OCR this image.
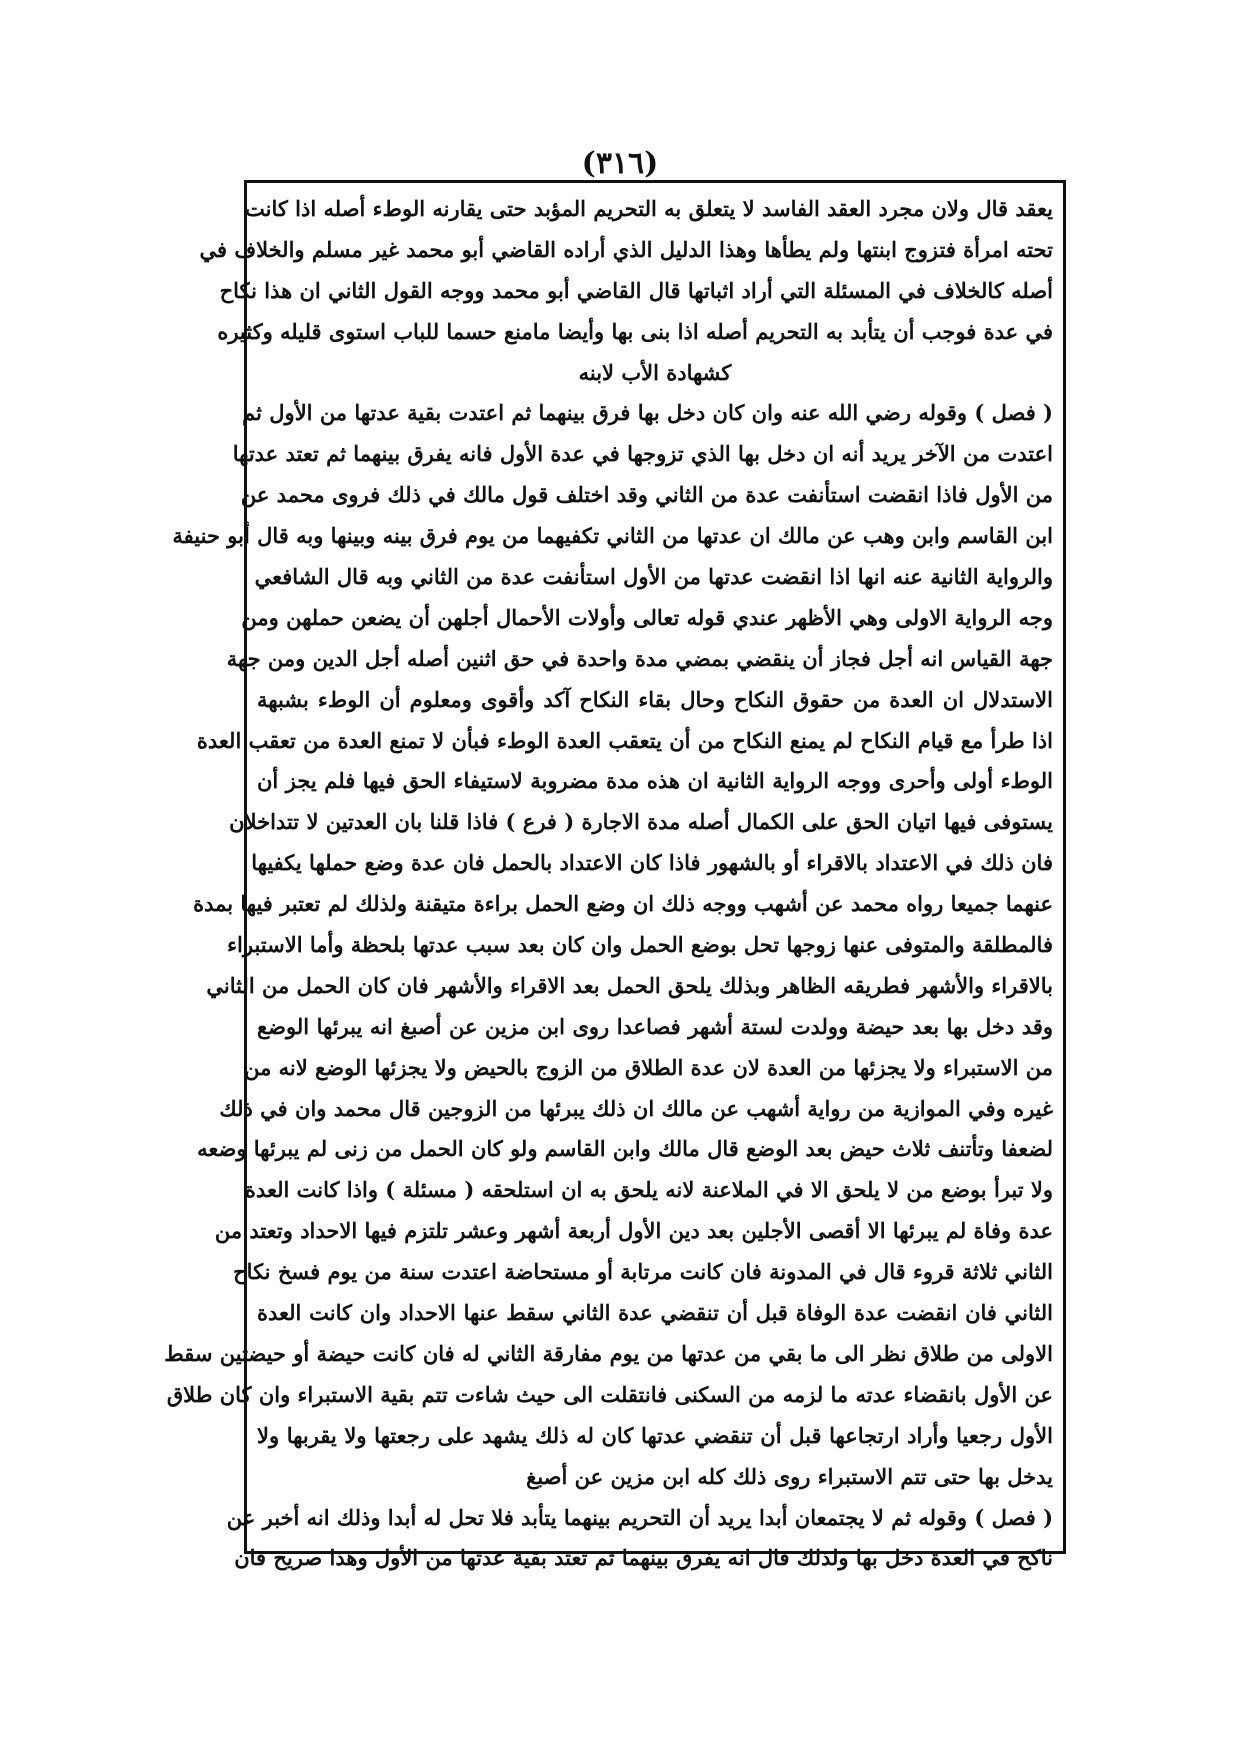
(٣١٦)
يعقد قال ولان مجرد العقد الفاسد لا يتعلق به التحريم المؤبد حتى يقارنه الوطء أصله اذا كانت
تحته امرأة فتزوج ابنتها ولم يطأها وهذا الدليل الذي أراده القاضي أبو محمد غير مسلم والخلاف في
أصله كالخلاف في المسئلة التي أراد اثباتها قال القاضي أبو محمد ووجه القول الثاني ان هذا نكاح
في عدة فوجب أن يتأبد به التحريم أصله اذا بنى بها وأيضا مامنع حسما للباب استوى قليله وكثيره
كشهادة الأب لابنه
( فصل ) وقوله رضي الله عنه وان كان دخل بها فرق بينهما ثم اعتدت بقية عدتها من الأول ثم
اعتدت من الآخر يريد أنه ان دخل بها الذي تزوجها في عدة الأول فانه يفرق بينهما ثم تعتد عدتها
من الأول فاذا انقضت استأنفت عدة من الثاني وقد اختلف قول مالك في ذلك فروى محمد عن
ابن القاسم وابن وهب عن مالك ان عدتها من الثاني تكفيهما من يوم فرق بينه وبينها وبه قال أبو حنيفة
والرواية الثانية عنه انها اذا انقضت عدتها من الأول استأنفت عدة من الثاني وبه قال الشافعي
وجه الرواية الاولى وهي الأظهر عندي قوله تعالى وأولات الأحمال أجلهن أن يضعن حملهن ومن
جهة القياس انه أجل فجاز أن ينقضي بمضي مدة واحدة في حق اثنين أصله أجل الدين ومن جهة
الاستدلال ان العدة من حقوق النكاح وحال بقاء النكاح آكد وأقوى ومعلوم أن الوطء بشبهة
اذا طرأ مع قيام النكاح لم يمنع النكاح من أن يتعقب العدة الوطء فبأن لا تمنع العدة من تعقب العدة
الوطء أولى وأحرى ووجه الرواية الثانية ان هذه مدة مضروبة لاستيفاء الحق فيها فلم يجز أن
يستوفى فيها اتيان الحق على الكمال أصله مدة الاجارة ( فرع ) فاذا قلنا بان العدتين لا تتداخلان
فان ذلك في الاعتداد بالاقراء أو بالشهور فاذا كان الاعتداد بالحمل فان عدة وضع حملها يكفيها
عنهما جميعا رواه محمد عن أشهب ووجه ذلك ان وضع الحمل براءة متيقنة ولذلك لم تعتبر فيها بمدة
فالمطلقة والمتوفى عنها زوجها تحل بوضع الحمل وان كان بعد سبب عدتها بلحظة وأما الاستبراء
بالاقراء والأشهر فطريقه الظاهر وبذلك يلحق الحمل بعد الاقراء والأشهر فان كان الحمل من الثاني
وقد دخل بها بعد حيضة وولدت لستة أشهر فصاعدا روى ابن مزين عن أصبغ انه يبرئها الوضع
من الاستبراء ولا يجزئها من العدة لان عدة الطلاق من الزوج بالحيض ولا يجزئها الوضع لانه من
غيره وفي الموازية من رواية أشهب عن مالك ان ذلك يبرئها من الزوجين قال محمد وان في ذلك
لضعفا وتأتنف ثلاث حيض بعد الوضع قال مالك وابن القاسم ولو كان الحمل من زنى لم يبرئها وضعه
ولا تبرأ بوضع من لا يلحق الا في الملاعنة لانه يلحق به ان استلحقه ( مسئلة ) واذا كانت العدة
عدة وفاة لم يبرئها الا أقصى الأجلين بعد دين الأول أربعة أشهر وعشر تلتزم فيها الاحداد وتعتد من
الثاني ثلاثة قروء قال في المدونة فان كانت مرتابة أو مستحاضة اعتدت سنة من يوم فسخ نكاح
الثاني فان انقضت عدة الوفاة قبل أن تنقضي عدة الثاني سقط عنها الاحداد وان كانت العدة
الاولى من طلاق نظر الى ما بقي من عدتها من يوم مفارقة الثاني له فان كانت حيضة أو حيضتين سقط
عن الأول بانقضاء عدته ما لزمه من السكنى فانتقلت الى حيث شاءت تتم بقية الاستبراء وان كان طلاق
الأول رجعيا وأراد ارتجاعها قبل أن تنقضي عدتها كان له ذلك يشهد على رجعتها ولا يقربها ولا
يدخل بها حتى تتم الاستبراء روى ذلك كله ابن مزين عن أصبغ
( فصل ) وقوله ثم لا يجتمعان أبدا يريد أن التحريم بينهما يتأبد فلا تحل له أبدا وذلك انه أخبر عن
ناكح في العدة دخل بها ولذلك قال انه يفرق بينهما ثم تعتد بقية عدتها من الأول وهذا صريح فان
